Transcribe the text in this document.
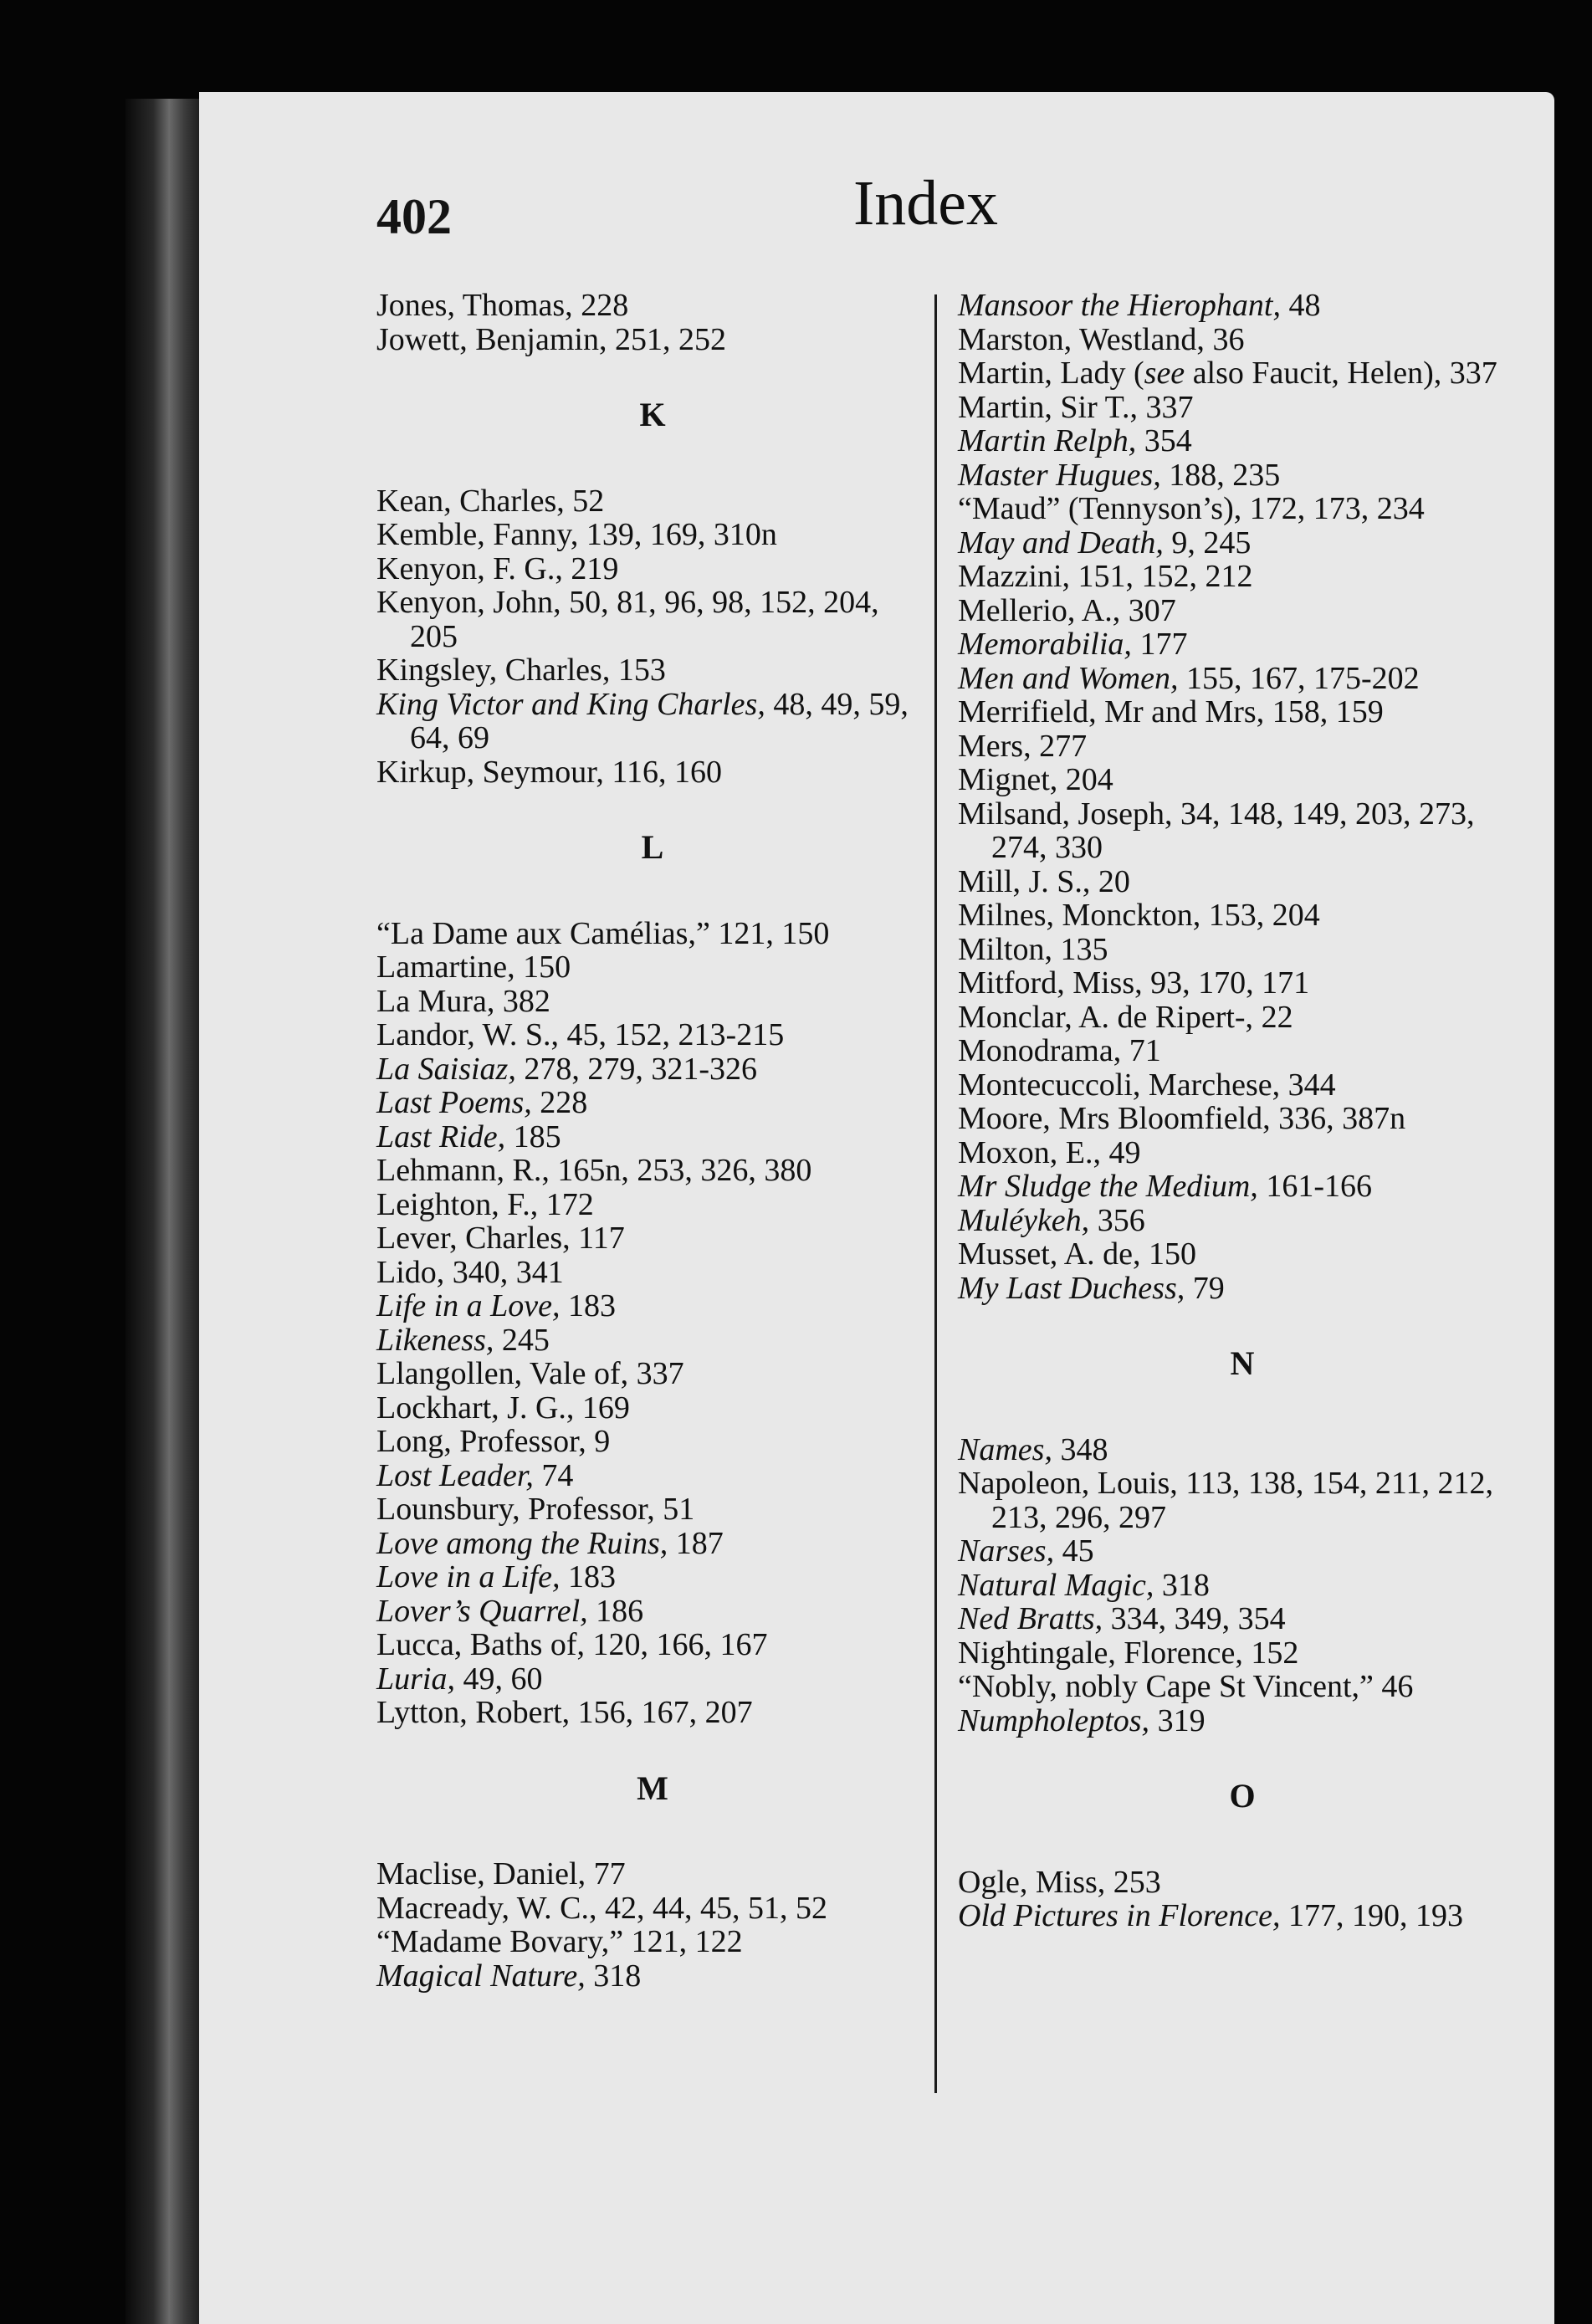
402	Index
Jones, Thomas, 228
Jowett, Benjamin, 251, 252
K
Kean, Charles, 52
Kemble, Fanny, 139, 169, 310n
Kenyon, F. G., 219
Kenyon, John, 50, 81, 96, 98, 152, 204, 205
Kingsley, Charles, 153
King Victor and King Charles, 48, 49, 59, 64, 69
Kirkup, Seymour, 116, 160
L
“La Dame aux Camélias,” 121, 150
Lamartine, 150
La Mura, 382
Landor, W. S., 45, 152, 213-215
La Saisiaz, 278, 279, 321-326
Last Poems, 228
Last Ride, 185
Lehmann, R., 165n, 253, 326, 380
Leighton, F., 172
Lever, Charles, 117
Lido, 340, 341
Life in a Love, 183
Likeness, 245
Llangollen, Vale of, 337
Lockhart, J. G., 169
Long, Professor, 9
Lost Leader, 74
Lounsbury, Professor, 51
Love among the Ruins, 187
Love in a Life, 183
Lover’s Quarrel, 186
Lucca, Baths of, 120, 166, 167
Luria, 49, 60
Lytton, Robert, 156, 167, 207
M
Maclise, Daniel, 77
Macready, W. C., 42, 44, 45, 51, 52
“Madame Bovary,” 121, 122
Magical Nature, 318
Mansoor the Hierophant, 48
Marston, Westland, 36
Martin, Lady (see also Faucit, Helen), 337
Martin, Sir T., 337
Martin Relph, 354
Master Hugues, 188, 235
“Maud” (Tennyson’s), 172, 173, 234
May and Death, 9, 245
Mazzini, 151, 152, 212
Mellerio, A., 307
Memorabilia, 177
Men and Women, 155, 167, 175-202
Merrifield, Mr and Mrs, 158, 159
Mers, 277
Mignet, 204
Milsand, Joseph, 34, 148, 149, 203, 273, 274, 330
Mill, J. S., 20
Milnes, Monckton, 153, 204
Milton, 135
Mitford, Miss, 93, 170, 171
Monclar, A. de Ripert-, 22
Monodrama, 71
Montecuccoli, Marchese, 344
Moore, Mrs Bloomfield, 336, 387n
Moxon, E., 49
Mr Sludge the Medium, 161-166
Muléykeh, 356
Musset, A. de, 150
My Last Duchess, 79
N
Names, 348
Napoleon, Louis, 113, 138, 154, 211, 212, 213, 296, 297
Narses, 45
Natural Magic, 318
Ned Bratts, 334, 349, 354
Nightingale, Florence, 152
“Nobly, nobly Cape St Vincent,” 46
Numpholeptos, 319
O
Ogle, Miss, 253
Old Pictures in Florence, 177, 190, 193
